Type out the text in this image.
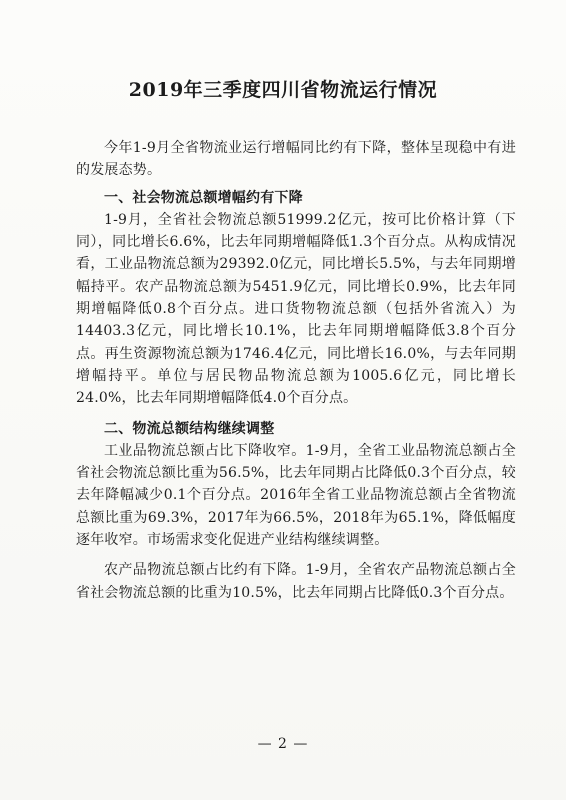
2019年三季度四川省物流运行情况

今年1-9月全省物流业运行增幅同比约有下降，整体呈现稳中有进的发展态势。

一、社会物流总额增幅约有下降

1-9月，全省社会物流总额51999.2亿元，按可比价格计算（下同），同比增长6.6%，比去年同期增幅降低1.3个百分点。从构成情况看，工业品物流总额为29392.0亿元，同比增长5.5%，与去年同期增幅持平。农产品物流总额为5451.9亿元，同比增长0.9%，比去年同期增幅降低0.8个百分点。进口货物物流总额（包括外省流入）为14403.3亿元，同比增长10.1%，比去年同期增幅降低3.8个百分点。再生资源物流总额为1746.4亿元，同比增长16.0%，与去年同期增幅持平。单位与居民物品物流总额为1005.6亿元，同比增长24.0%，比去年同期增幅降低4.0个百分点。

二、物流总额结构继续调整

工业品物流总额占比下降收窄。1-9月，全省工业品物流总额占全省社会物流总额比重为56.5%，比去年同期占比降低0.3个百分点，较去年降幅减少0.1个百分点。2016年全省工业品物流总额占全省物流总额比重为69.3%，2017年为66.5%，2018年为65.1%，降低幅度逐年收窄。市场需求变化促进产业结构继续调整。

农产品物流总额占比约有下降。1-9月，全省农产品物流总额占全省社会物流总额的比重为10.5%，比去年同期占比降低0.3个百分点。

— 2 —
